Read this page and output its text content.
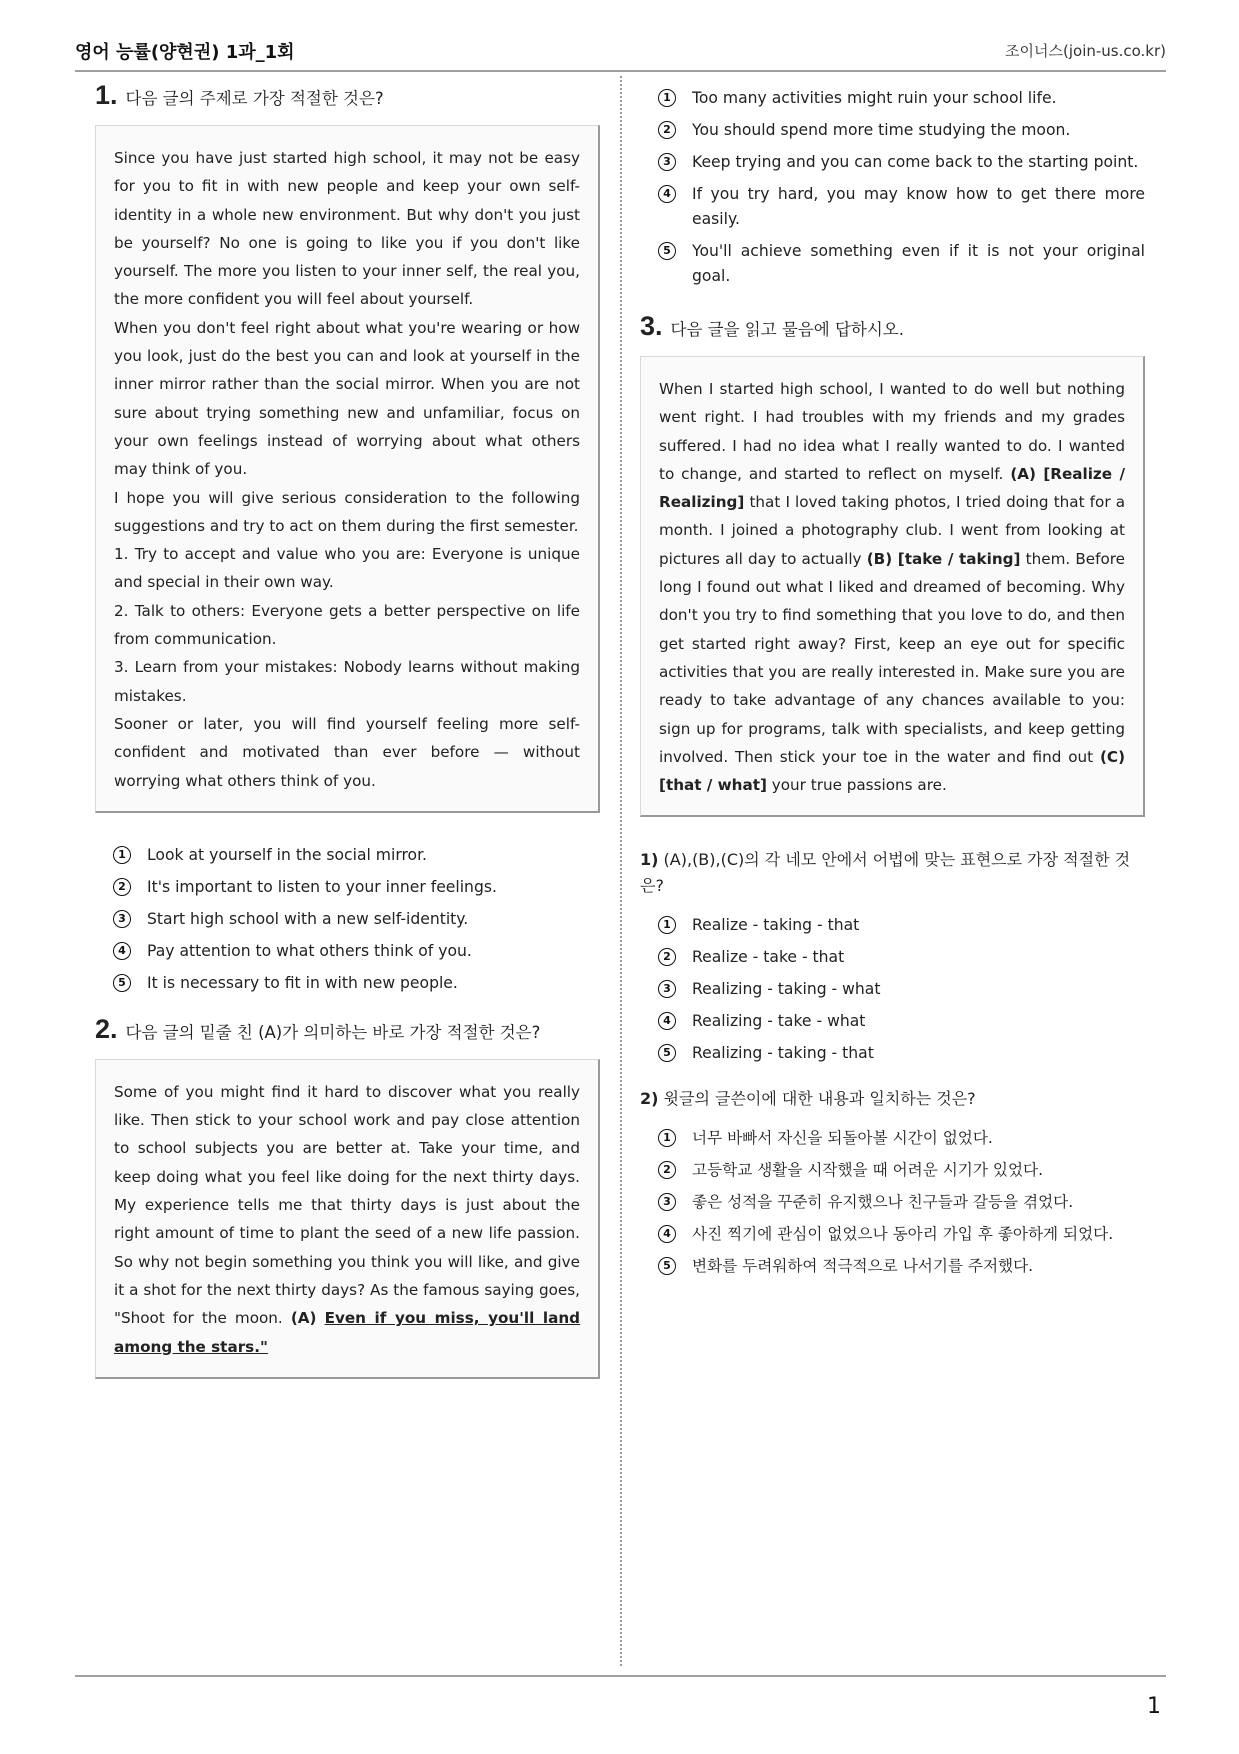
영어 능률(양현권) 1과_1회	조이너스(join-us.co.kr)
1. 다음 글의 주제로 가장 적절한 것은?

Since you have just started high school, it may not be easy for you to fit in with new people and keep your own self-identity in a whole new environment. But why don't you just be yourself? No one is going to like you if you don't like yourself. The more you listen to your inner self, the real you, the more confident you will feel about yourself.

When you don't feel right about what you're wearing or how you look, just do the best you can and look at yourself in the inner mirror rather than the social mirror. When you are not sure about trying something new and unfamiliar, focus on your own feelings instead of worrying about what others may think of you.

I hope you will give serious consideration to the following suggestions and try to act on them during the first semester.

1. Try to accept and value who you are: Everyone is unique and special in their own way.

2. Talk to others: Everyone gets a better perspective on life from communication.

3. Learn from your mistakes: Nobody learns without making mistakes.

Sooner or later, you will find yourself feeling more self-confident and motivated than ever before — without worrying what others think of you.

1	Look at yourself in the social mirror.
2	It's important to listen to your inner feelings.
3	Start high school with a new self-identity.
4	Pay attention to what others think of you.
5	It is necessary to fit in with new people.
2. 다음 글의 밑줄 친 (A)가 의미하는 바로 가장 적절한 것은?

Some of you might find it hard to discover what you really like. Then stick to your school work and pay close attention to school subjects you are better at. Take your time, and keep doing what you feel like doing for the next thirty days. My experience tells me that thirty days is just about the right amount of time to plant the seed of a new life passion. So why not begin something you think you will like, and give it a shot for the next thirty days? As the famous saying goes, "Shoot for the moon. (A) Even if you miss, you'll land among the stars."

1	Too many activities might ruin your school life.
2	You should spend more time studying the moon.
3	Keep trying and you can come back to the starting point.
4	If you try hard, you may know how to get there more easily.
5	You'll achieve something even if it is not your original goal.
3. 다음 글을 읽고 물음에 답하시오.

When I started high school, I wanted to do well but nothing went right. I had troubles with my friends and my grades suffered. I had no idea what I really wanted to do. I wanted to change, and started to reflect on myself. (A) [Realize / Realizing] that I loved taking photos, I tried doing that for a month. I joined a photography club. I went from looking at pictures all day to actually (B) [take / taking] them. Before long I found out what I liked and dreamed of becoming. Why don't you try to find something that you love to do, and then get started right away? First, keep an eye out for specific activities that you are really interested in. Make sure you are ready to take advantage of any chances available to you: sign up for programs, talk with specialists, and keep getting involved. Then stick your toe in the water and find out (C) [that / what] your true passions are.

1) (A),(B),(C)의 각 네모 안에서 어법에 맞는 표현으로 가장 적절한 것은?
1	Realize - taking - that
2	Realize - take - that
3	Realizing - taking - what
4	Realizing - take - what
5	Realizing - taking - that
2) 윗글의 글쓴이에 대한 내용과 일치하는 것은?
1	너무 바빠서 자신을 되돌아볼 시간이 없었다.
2	고등학교 생활을 시작했을 때 어려운 시기가 있었다.
3	좋은 성적을 꾸준히 유지했으나 친구들과 갈등을 겪었다.
4	사진 찍기에 관심이 없었으나 동아리 가입 후 좋아하게 되었다.
5	변화를 두려워하여 적극적으로 나서기를 주저했다.
1
